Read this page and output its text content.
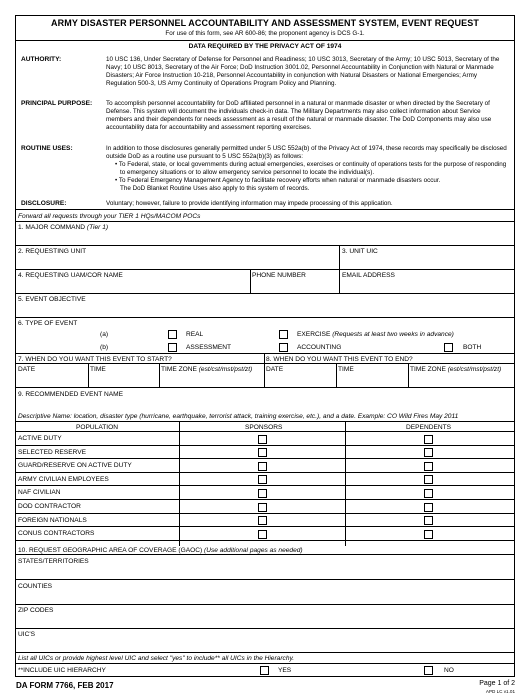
ARMY DISASTER PERSONNEL ACCOUNTABILITY AND ASSESSMENT SYSTEM, EVENT REQUEST
For use of this form, see AR 600-86; the proponent agency is DCS G-1.
DATA REQUIRED BY THE PRIVACY ACT OF 1974
AUTHORITY:	10 USC 136, Under Secretary of Defense for Personnel and Readiness; 10 USC 3013, Secretary of the Army; 10 USC 5013, Secretary of the Navy; 10 USC 8013, Secretary of the Air Force; DoD Instruction 3001.02, Personnel Accountability in Conjunction with Natural or Manmade Disasters; Air Force Instruction 10-218, Personnel Accountability in conjunction with Natural Disasters or National Emergencies; Army Regulation 500-3, US Army Continuity of Operations Program Policy and Planning.
PRINCIPAL PURPOSE: To accomplish personnel accountability for DoD affiliated personnel in a natural or manmade disaster or when directed by the Secretary of Defense. This system will document the individuals check-in data. The Military Departments may also collect information about Service members and their dependents for needs assessment as a result of the natural or manmade disaster. The DoD Components may also use accountability data for accountability and assessment reporting exercises.
ROUTINE USES:	In addition to those disclosures generally permitted under 5 USC 552a(b) of the Privacy Act of 1974, these records may specifically be disclosed outside DoD as a routine use pursuant to 5 USC 552a(b)(3) as follows:
• To Federal, state, or local governments during actual emergencies, exercises or continuity of operations tests for the purpose of responding to emergency situations or to allow emergency service personnel to locate the individual(s).
• To Federal Emergency Management Agency to facilitate recovery efforts when natural or manmade disasters occur.
The DoD Blanket Routine Uses also apply to this system of records.
DISCLOSURE:	Voluntary; however, failure to provide identifying information may impede processing of this application.
Forward all requests through your TIER 1 HQs/MACOM POCs
1. MAJOR COMMAND (Tier 1)
2. REQUESTING UNIT	3. UNIT UIC
4. REQUESTING UAM/COR NAME	PHONE NUMBER	EMAIL ADDRESS
5. EVENT OBJECTIVE
6. TYPE OF EVENT
(a)	REAL	EXERCISE (Requests at least two weeks in advance)
(b)	ASSESSMENT	ACCOUNTING	BOTH
7. WHEN DO YOU WANT THIS EVENT TO START?	8. WHEN DO YOU WANT THIS EVENT TO END?
DATE	TIME	TIME ZONE (est/cst/mst/pst/zt) DATE	TIME	TIME ZONE (est/cst/mst/pst/zt)
9. RECOMMENDED EVENT NAME
Descriptive Name: location, disaster type (hurricane, earthquake, terrorist attack, training exercise, etc.), and a date. Example: CO Wild Fires May 2011
POPULATION	SPONSORS	DEPENDENTS
ACTIVE DUTY
SELECTED RESERVE
GUARD/RESERVE ON ACTIVE DUTY
ARMY CIVILIAN EMPLOYEES
NAF CIVILIAN
DOD CONTRACTOR
FOREIGN NATIONALS
CONUS CONTRACTORS
10. REQUEST GEOGRAPHIC AREA OF COVERAGE (GAOC) (Use additional pages as needed)
STATES/TERRITORIES
COUNTIES
ZIP CODES
UIC'S
List all UICs or provide highest level UIC and select "yes" to include** all UICs in the Hierarchy.
**INCLUDE UIC HIERARCHY	YES	NO
DA FORM 7766, FEB 2017	Page 1 of 2
APD LC v1.01
